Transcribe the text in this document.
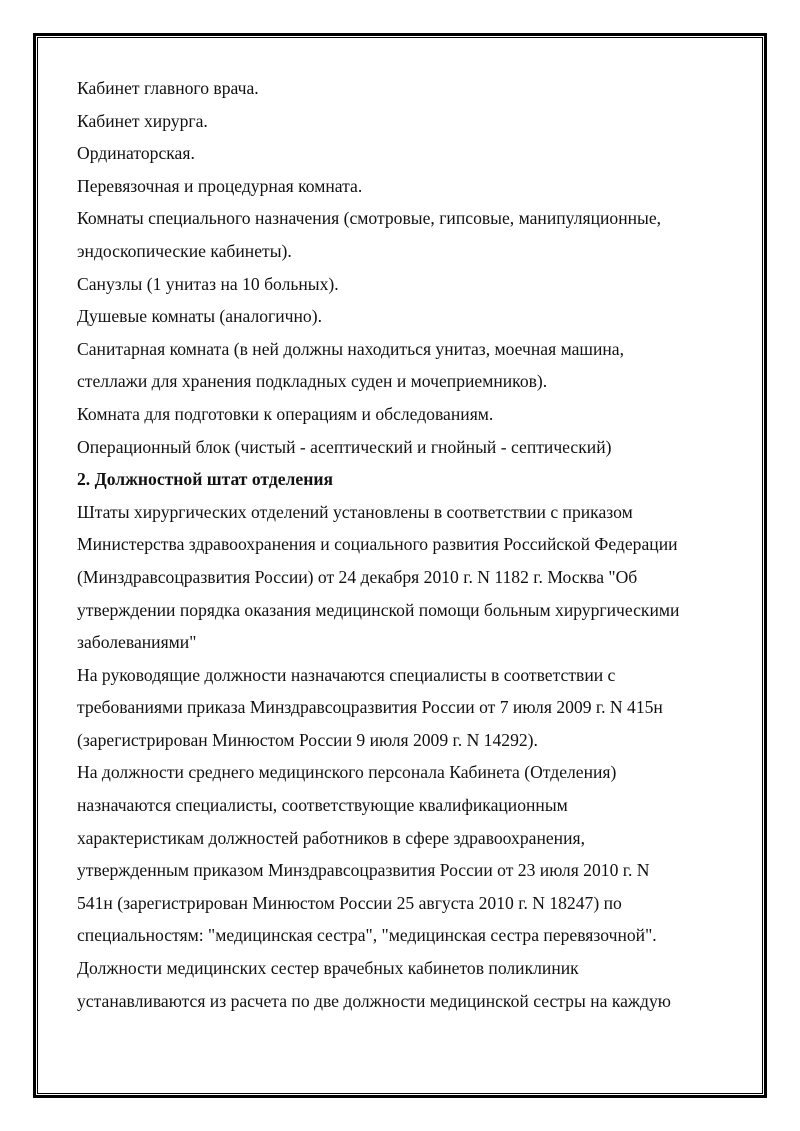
Кабинет главного врача.
Кабинет хирурга.
Ординаторская.
Перевязочная и процедурная комната.
Комнаты специального назначения (смотровые, гипсовые, манипуляционные,
эндоскопические кабинеты).
Санузлы (1 унитаз на 10 больных).
Душевые комнаты (аналогично).
Санитарная комната (в ней должны находиться унитаз, моечная машина,
стеллажи для хранения подкладных суден и мочеприемников).
Комната для подготовки к операциям и обследованиям.
Операционный блок (чистый - асептический и гнойный - септический)
2. Должностной штат отделения
Штаты хирургических отделений установлены в соответствии с приказом
Министерства здравоохранения и социального развития Российской Федерации
(Минздравсоцразвития России) от 24 декабря 2010 г. N 1182 г. Москва "Об
утверждении порядка оказания медицинской помощи больным хирургическими
заболеваниями"
На руководящие должности назначаются специалисты в соответствии с
требованиями приказа Минздравсоцразвития России от 7 июля 2009 г. N 415н
(зарегистрирован Минюстом России 9 июля 2009 г. N 14292).
На должности среднего медицинского персонала Кабинета (Отделения)
назначаются специалисты, соответствующие квалификационным
характеристикам должностей работников в сфере здравоохранения,
утвержденным приказом Минздравсоцразвития России от 23 июля 2010 г. N
541н (зарегистрирован Минюстом России 25 августа 2010 г. N 18247) по
специальностям: "медицинская сестра", "медицинская сестра перевязочной".
Должности медицинских сестер врачебных кабинетов поликлиник
устанавливаются из расчета по две должности медицинской сестры на каждую
